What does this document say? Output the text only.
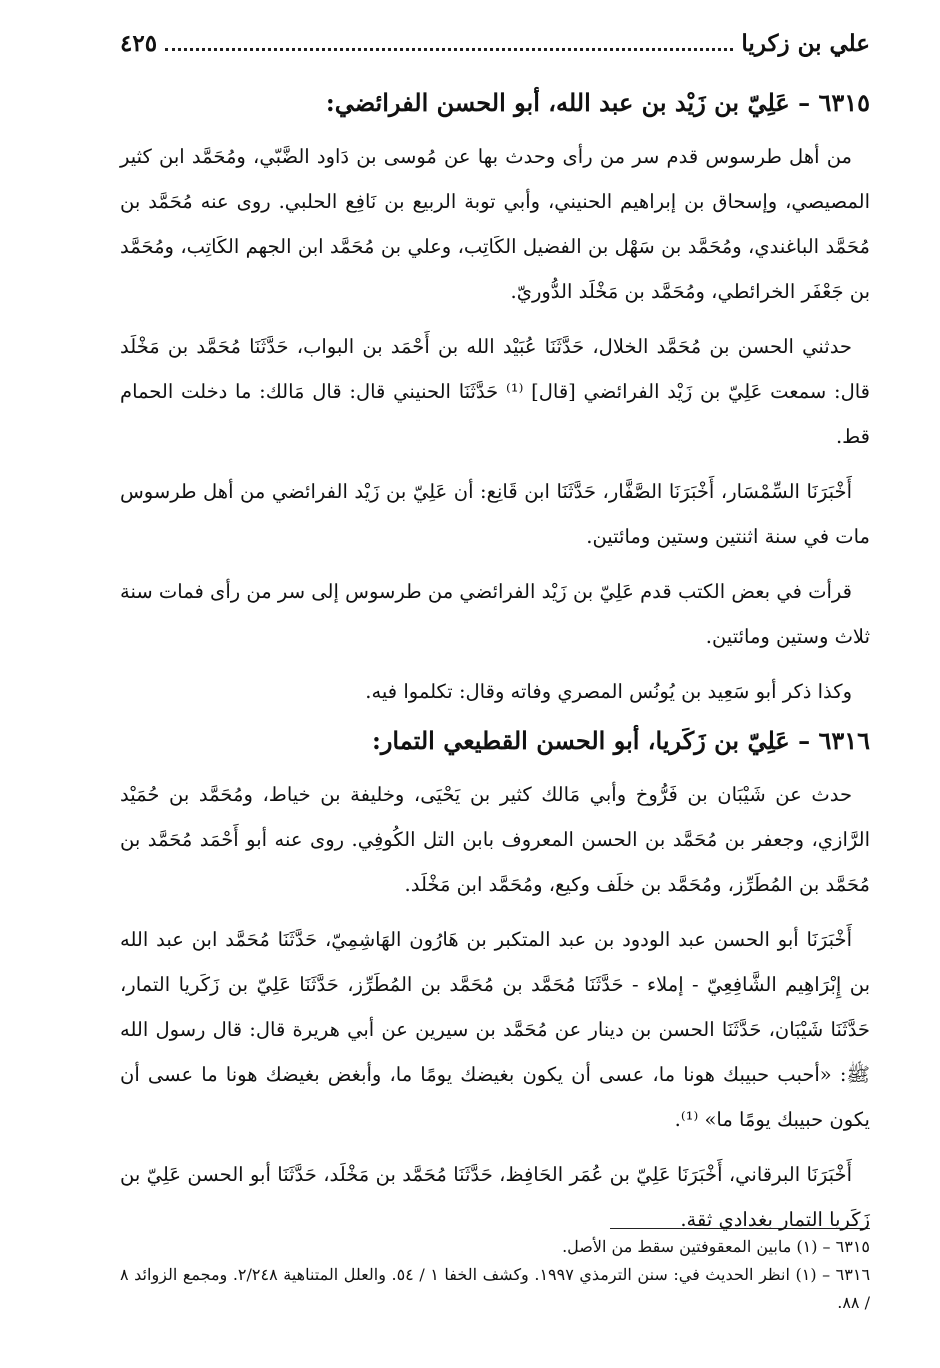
علي بن زكريا
٤٢٥
٦٣١٥ – عَلِيّ بن زَيْد بن عبد الله، أبو الحسن الفرائضي:

من أهل طرسوس قدم سر من رأى وحدث بها عن مُوسى بن دَاود الضَّبّي، ومُحَمَّد ابن كثير المصيصي، وإسحاق بن إبراهيم الحنيني، وأبي توبة الربيع بن نَافِع الحلبي. روى عنه مُحَمَّد بن مُحَمَّد الباغندي، ومُحَمَّد بن سَهْل بن الفضيل الكَاتِب، وعلي بن مُحَمَّد ابن الجهم الكَاتِب، ومُحَمَّد بن جَعْفَر الخرائطي، ومُحَمَّد بن مَخْلَد الدُّوريّ.

حدثني الحسن بن مُحَمَّد الخلال، حَدَّثَنَا عُبَيْد الله بن أَحْمَد بن البواب، حَدَّثَنَا مُحَمَّد بن مَخْلَد قال: سمعت عَلِيّ بن زَيْد الفرائضي [قال] ⁽¹⁾ حَدَّثَنَا الحنيني قال: قال مَالك: ما دخلت الحمام قط.

أَخْبَرَنَا السِّمْسَار، أَخْبَرَنَا الصَّفَّار، حَدَّثَنَا ابن قَانِع: أن عَلِيّ بن زَيْد الفرائضي من أهل طرسوس مات في سنة اثنتين وستين ومائتين.

قرأت في بعض الكتب قدم عَلِيّ بن زَيْد الفرائضي من طرسوس إلى سر من رأى فمات سنة ثلاث وستين ومائتين.

وكذا ذكر أبو سَعِيد بن يُونُس المصري وفاته وقال: تكلموا فيه.

٦٣١٦ – عَلِيّ بن زَكَريا، أبو الحسن القطيعي التمار:

حدث عن شَيْبَان بن فَرُّوخ وأبي مَالك كثير بن يَحْيَى، وخليفة بن خياط، ومُحَمَّد بن حُمَيْد الرَّازي، وجعفر بن مُحَمَّد بن الحسن المعروف بابن التل الكُوفِي. روى عنه أبو أَحْمَد مُحَمَّد بن مُحَمَّد بن المُطَرِّز، ومُحَمَّد بن خلَف وكيع، ومُحَمَّد ابن مَخْلَد.

أَخْبَرَنَا أبو الحسن عبد الودود بن عبد المتكبر بن هَارُون الهَاشِمِيّ، حَدَّثَنَا مُحَمَّد ابن عبد الله بن إِبْرَاهِيم الشَّافِعِيّ - إملاء - حَدَّثَنَا مُحَمَّد بن مُحَمَّد بن المُطَرِّز، حَدَّثَنَا عَلِيّ بن زَكَريا التمار، حَدَّثَنَا شَيْبَان، حَدَّثَنَا الحسن بن دينار عن مُحَمَّد بن سيرين عن أبي هريرة قال: قال رسول الله ﷺ: «أحبب حبيبك هونا ما، عسى أن يكون بغيضك يومًا ما، وأبغض بغيضك هونا ما عسى أن يكون حبيبك يومًا ما» ⁽¹⁾.

أَخْبَرَنَا البرقاني، أَخْبَرَنَا عَلِيّ بن عُمَر الحَافِظ، حَدَّثَنَا مُحَمَّد بن مَخْلَد، حَدَّثَنَا أبو الحسن عَلِيّ بن زَكَريا التمار بغدادي ثقة.

٦٣١٥ – (١) مابين المعقوفتين سقط من الأصل.

٦٣١٦ – (١) انظر الحديث في: سنن الترمذي ١٩٩٧. وكشف الخفا ١ / ٥٤. والعلل المتناهية ٢/٢٤٨. ومجمع الزوائد ٨ / ٨٨.
